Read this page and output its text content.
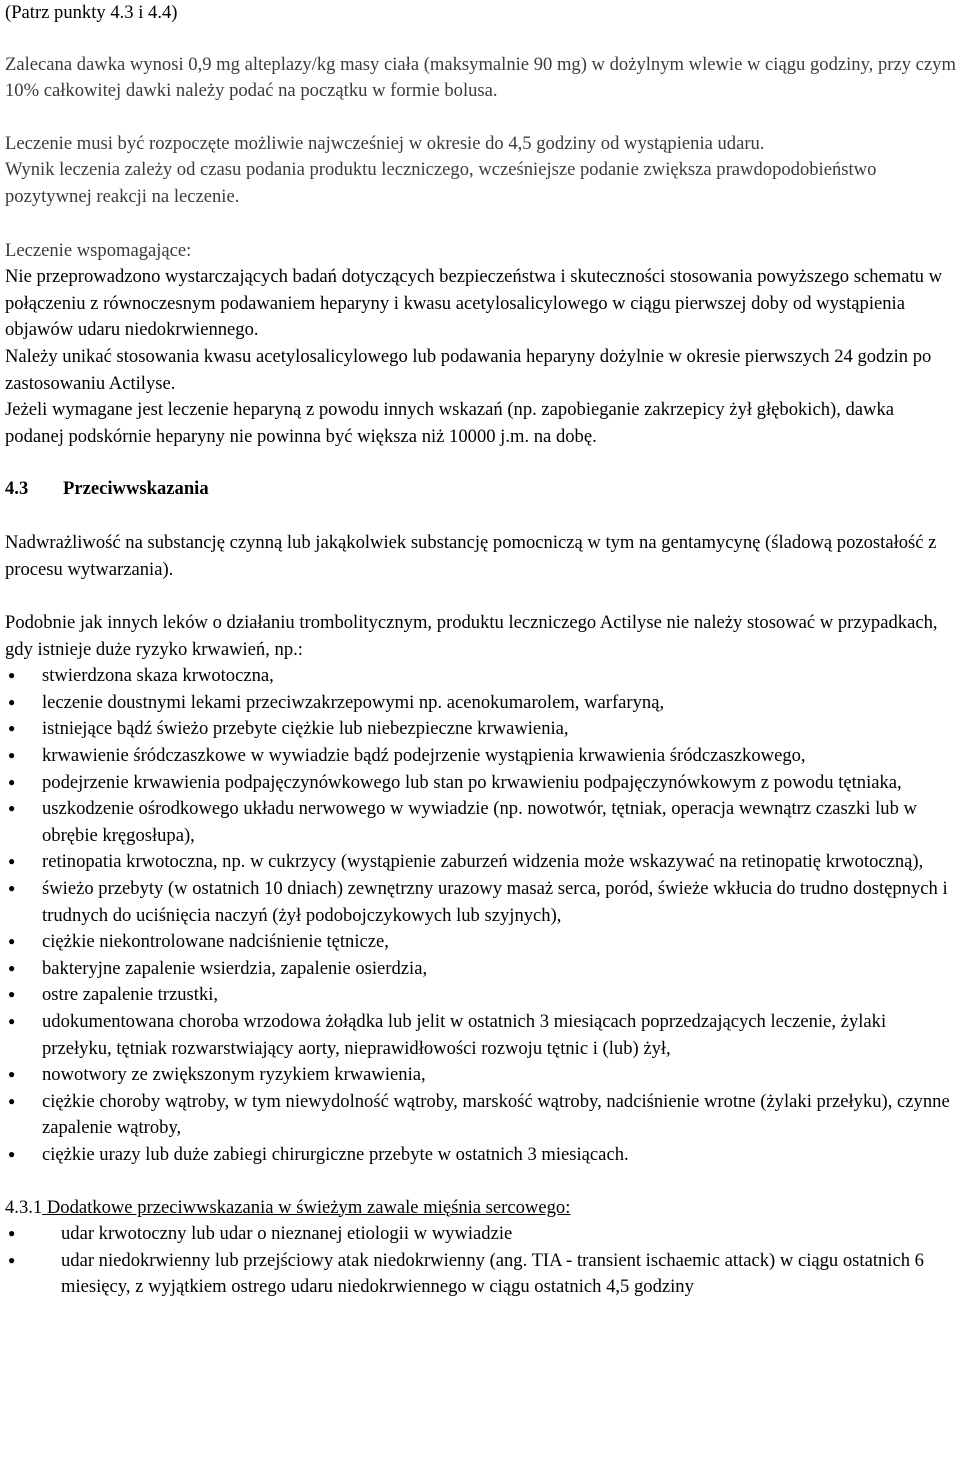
(Patrz punkty 4.3 i 4.4)

Zalecana dawka wynosi 0,9 mg alteplazy/kg masy ciała (maksymalnie 90 mg) w dożylnym wlewie w ciągu godziny, przy czym 10% całkowitej dawki należy podać na początku w formie bolusa.

Leczenie musi być rozpoczęte możliwie najwcześniej w okresie do 4,5 godziny od wystąpienia udaru.

Wynik leczenia zależy od czasu podania produktu leczniczego, wcześniejsze podanie zwiększa prawdopodobieństwo pozytywnej reakcji na leczenie.

Leczenie wspomagające:

Nie przeprowadzono wystarczających badań dotyczących bezpieczeństwa i skuteczności stosowania powyższego schematu w połączeniu z równoczesnym podawaniem heparyny i kwasu acetylosalicylowego w ciągu pierwszej doby od wystąpienia objawów udaru niedokrwiennego.

Należy unikać stosowania kwasu acetylosalicylowego lub podawania heparyny dożylnie w okresie pierwszych 24 godzin po zastosowaniu Actilyse.

Jeżeli wymagane jest leczenie heparyną z powodu innych wskazań (np. zapobieganie zakrzepicy żył głębokich), dawka podanej podskórnie heparyny nie powinna być większa niż 10000 j.m. na dobę.

4.3 Przeciwwskazania

Nadwrażliwość na substancję czynną lub jakąkolwiek substancję pomocniczą w tym na gentamycynę (śladową pozostałość z procesu wytwarzania).

Podobnie jak innych leków o działaniu trombolitycznym, produktu leczniczego Actilyse nie należy stosować w przypadkach, gdy istnieje duże ryzyko krwawień, np.:

● stwierdzona skaza krwotoczna,
● leczenie doustnymi lekami przeciwzakrzepowymi np. acenokumarolem, warfaryną,
● istniejące bądź świeżo przebyte ciężkie lub niebezpieczne krwawienia,
● krwawienie śródczaszkowe w wywiadzie bądź podejrzenie wystąpienia krwawienia śródczaszkowego,
● podejrzenie krwawienia podpajęczynówkowego lub stan po krwawieniu podpajęczynówkowym z powodu tętniaka,
● uszkodzenie ośrodkowego układu nerwowego w wywiadzie (np. nowotwór, tętniak, operacja wewnątrz czaszki lub w obrębie kręgosłupa),
● retinopatia krwotoczna, np. w cukrzycy (wystąpienie zaburzeń widzenia może wskazywać na retinopatię krwotoczną),
● świeżo przebyty (w ostatnich 10 dniach) zewnętrzny urazowy masaż serca, poród, świeże wkłucia do trudno dostępnych i trudnych do uciśnięcia naczyń (żył podobojczykowych lub szyjnych),
● ciężkie niekontrolowane nadciśnienie tętnicze,
● bakteryjne zapalenie wsierdzia, zapalenie osierdzia,
● ostre zapalenie trzustki,
● udokumentowana choroba wrzodowa żołądka lub jelit w ostatnich 3 miesiącach poprzedzających leczenie, żylaki przełyku, tętniak rozwarstwiający aorty, nieprawidłowości rozwoju tętnic i (lub) żył,
● nowotwory ze zwiększonym ryzykiem krwawienia,
● ciężkie choroby wątroby, w tym niewydolność wątroby, marskość wątroby, nadciśnienie wrotne (żylaki przełyku), czynne zapalenie wątroby,
● ciężkie urazy lub duże zabiegi chirurgiczne przebyte w ostatnich 3 miesiącach.

4.3.1 Dodatkowe przeciwwskazania w świeżym zawale mięśnia sercowego:

● udar krwotoczny lub udar o nieznanej etiologii w wywiadzie
● udar niedokrwienny lub przejściowy atak niedokrwienny (ang. TIA - transient ischaemic attack) w ciągu ostatnich 6 miesięcy, z wyjątkiem ostrego udaru niedokrwiennego w ciągu ostatnich 4,5 godziny
